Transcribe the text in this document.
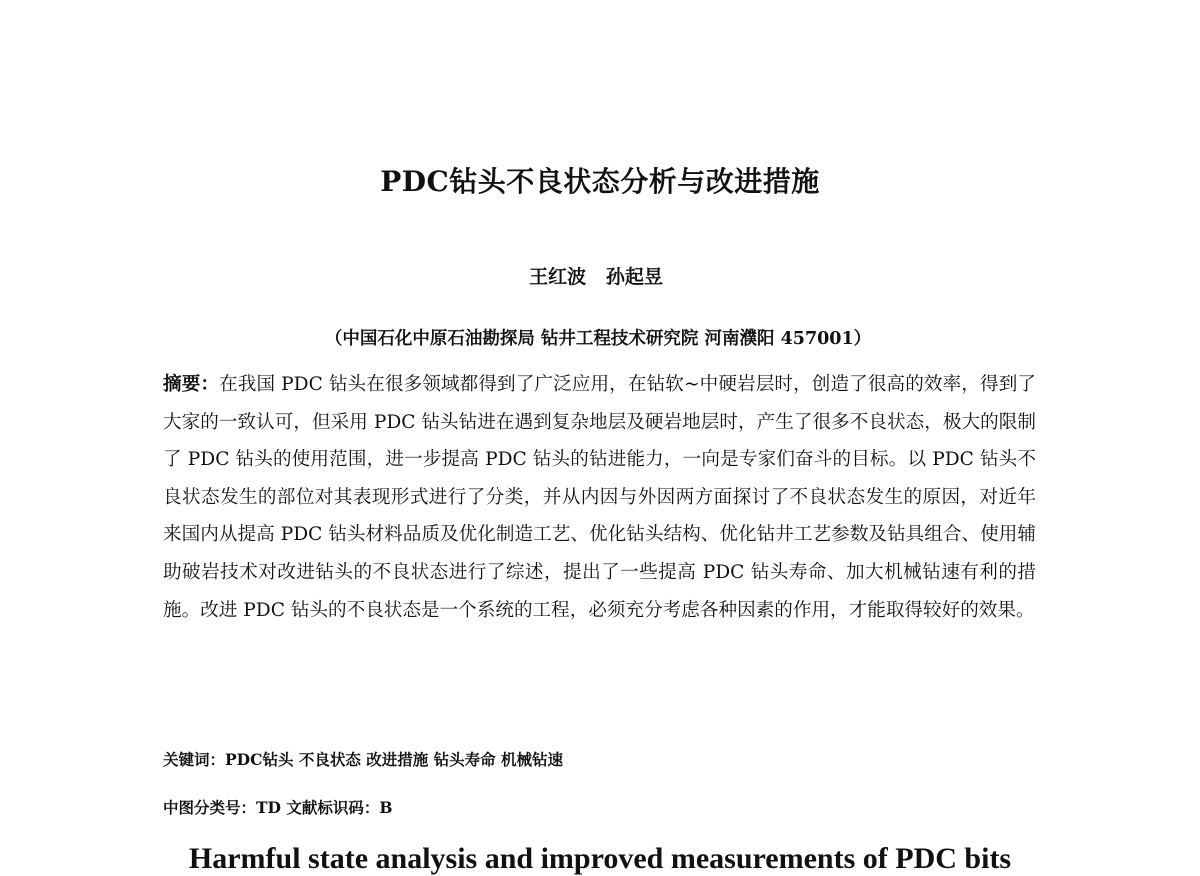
PDC钻头不良状态分析与改进措施
王红波   孙起昱
（中国石化中原石油勘探局 钻井工程技术研究院 河南濮阳 457001）
摘要：在我国 PDC 钻头在很多领域都得到了广泛应用，在钻软~中硬岩层时，创造了很高的效率，得到了大家的一致认可，但采用 PDC 钻头钻进在遇到复杂地层及硬岩地层时，产生了很多不良状态，极大的限制了 PDC 钻头的使用范围，进一步提高 PDC 钻头的钻进能力，一向是专家们奋斗的目标。以 PDC 钻头不良状态发生的部位对其表现形式进行了分类，并从内因与外因两方面探讨了不良状态发生的原因，对近年来国内从提高 PDC 钻头材料品质及优化制造工艺、优化钻头结构、优化钻井工艺参数及钻具组合、使用辅助破岩技术对改进钻头的不良状态进行了综述，提出了一些提高 PDC 钻头寿命、加大机械钻速有利的措施。改进 PDC 钻头的不良状态是一个系统的工程，必须充分考虑各种因素的作用，才能取得较好的效果。
关键词：PDC钻头 不良状态 改进措施 钻头寿命 机械钻速
中图分类号：TD 文献标识码：B
Harmful state analysis and improved measurements of PDC bits
